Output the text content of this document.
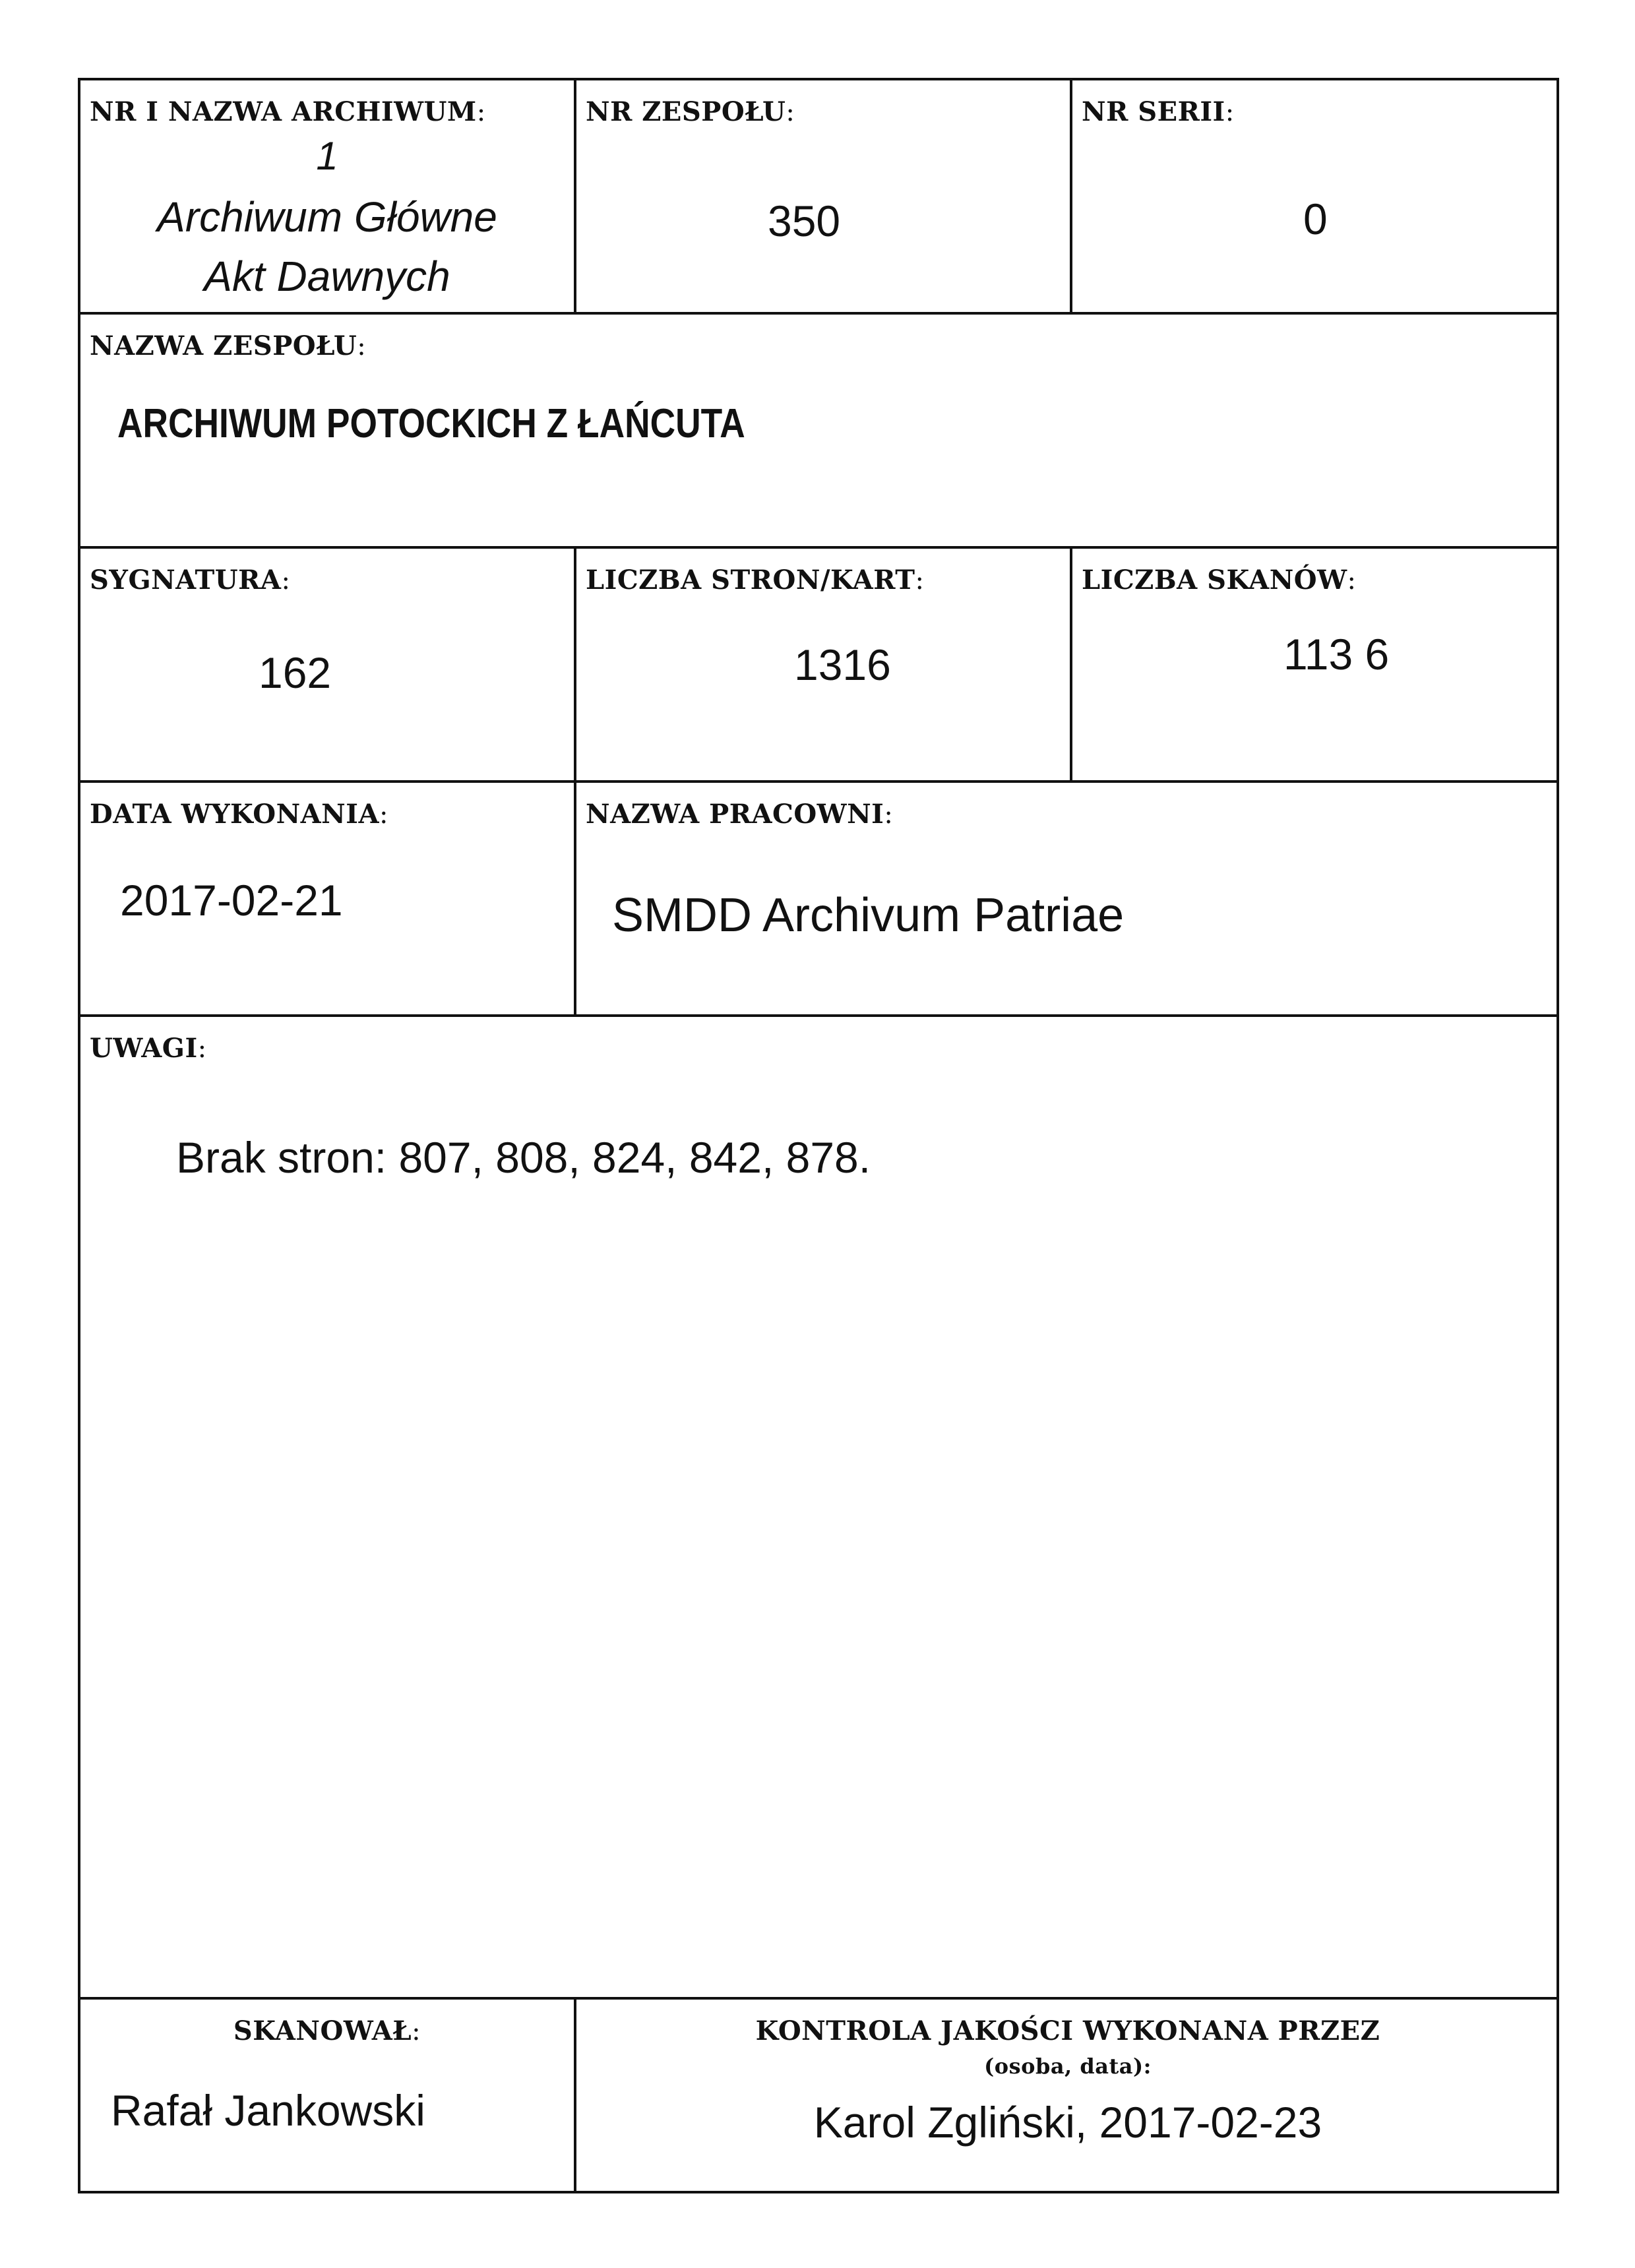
NR I NAZWA ARCHIWUM:
1
Archiwum Główne
Akt Dawnych
NR ZESPOŁU:
350
NR SERII:
0
NAZWA ZESPOŁU:
ARCHIWUM POTOCKICH Z ŁAŃCUTA
SYGNATURA:
162
LICZBA STRON/KART:
1316
LICZBA SKANÓW:
113 6
DATA WYKONANIA:
2017-02-21
NAZWA PRACOWNI:
SMDD Archivum Patriae
UWAGI:
Brak stron: 807, 808, 824, 842, 878.
SKANOWAŁ:
Rafał Jankowski
KONTROLA JAKOŚCI WYKONANA PRZEZ
(osoba, data):
Karol Zgliński, 2017-02-23
